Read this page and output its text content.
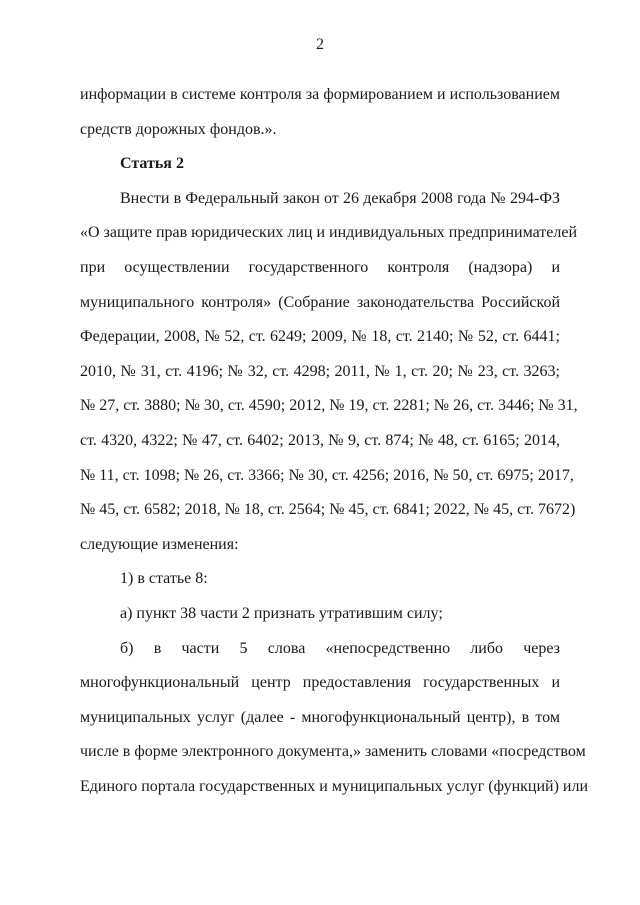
2
информации в системе контроля за формированием и использованием
средств дорожных фондов.».
Статья 2
Внести в Федеральный закон от 26 декабря 2008 года № 294-ФЗ
«О защите прав юридических лиц и индивидуальных предпринимателей
при осуществлении государственного контроля (надзора) и
муниципального контроля» (Собрание законодательства Российской
Федерации, 2008, № 52, ст. 6249; 2009, № 18, ст. 2140; № 52, ст. 6441;
2010, № 31, ст. 4196; № 32, ст. 4298; 2011, № 1, ст. 20; № 23, ст. 3263;
№ 27, ст. 3880; № 30, ст. 4590; 2012, № 19, ст. 2281; № 26, ст. 3446; № 31,
ст. 4320, 4322; № 47, ст. 6402; 2013, № 9, ст. 874; № 48, ст. 6165; 2014,
№ 11, ст. 1098; № 26, ст. 3366; № 30, ст. 4256; 2016, № 50, ст. 6975; 2017,
№ 45, ст. 6582; 2018, № 18, ст. 2564; № 45, ст. 6841; 2022, № 45, ст. 7672)
следующие изменения:
1) в статье 8:
а) пункт 38 части 2 признать утратившим силу;
б) в части 5 слова «непосредственно либо через
многофункциональный центр предоставления государственных и
муниципальных услуг (далее - многофункциональный центр), в том
числе в форме электронного документа,» заменить словами «посредством
Единого портала государственных и муниципальных услуг (функций) или
